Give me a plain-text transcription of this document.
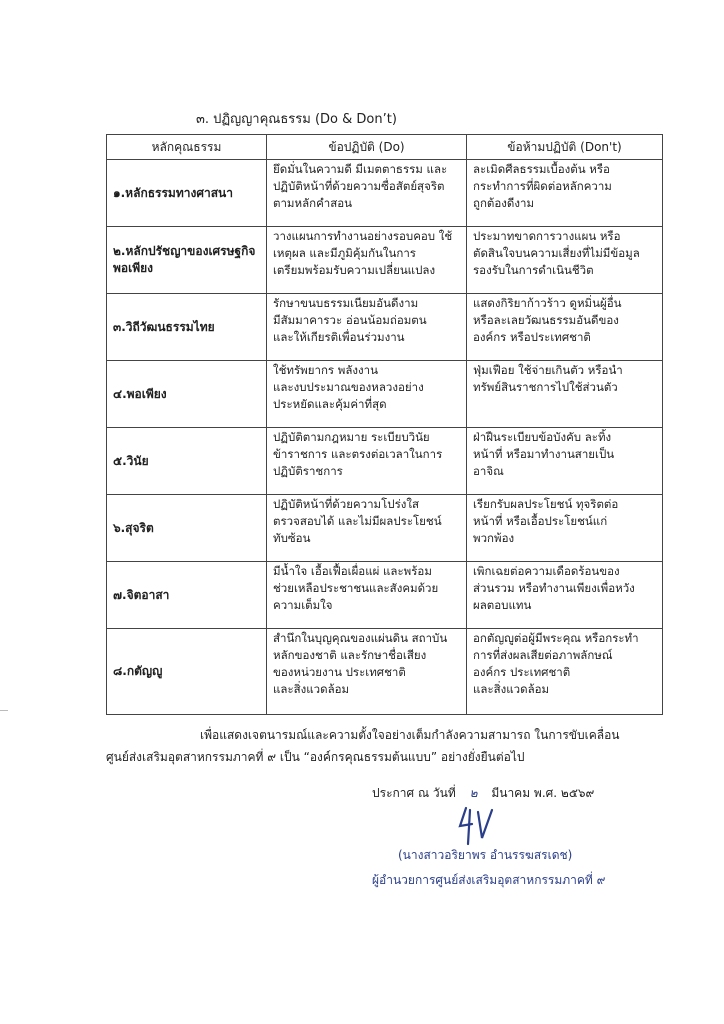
๓. ปฏิญญาคุณธรรม (Do & Don’t)
หลักคุณธรรม	ข้อปฏิบัติ (Do)	ข้อห้ามปฏิบัติ (Don't)

๑.หลักธรรมทางศาสนา	ยึดมั่นในความดี มีเมตตาธรรม และ
ปฏิบัติหน้าที่ด้วยความซื่อสัตย์สุจริต
ตามหลักคำสอน	ละเมิดศีลธรรมเบื้องต้น หรือ
กระทำการที่ผิดต่อหลักความ
ถูกต้องดีงาม

๒.หลักปรัชญาของเศรษฐกิจ
พอเพียง	วางแผนการทำงานอย่างรอบคอบ ใช้
เหตุผล และมีภูมิคุ้มกันในการ
เตรียมพร้อมรับความเปลี่ยนแปลง	ประมาทขาดการวางแผน หรือ
ตัดสินใจบนความเสี่ยงที่ไม่มีข้อมูล
รองรับในการดำเนินชีวิต

๓.วิถีวัฒนธรรมไทย	รักษาขนบธรรมเนียมอันดีงาม
มีสัมมาคารวะ อ่อนน้อมถ่อมตน
และให้เกียรติเพื่อนร่วมงาน	แสดงกิริยาก้าวร้าว ดูหมิ่นผู้อื่น
หรือละเลยวัฒนธรรมอันดีของ
องค์กร หรือประเทศชาติ

๔.พอเพียง	ใช้ทรัพยากร พลังงาน
และงบประมาณของหลวงอย่าง
ประหยัดและคุ้มค่าที่สุด	ฟุ่มเฟือย ใช้จ่ายเกินตัว หรือนำ
ทรัพย์สินราชการไปใช้ส่วนตัว

๕.วินัย	ปฏิบัติตามกฎหมาย ระเบียบวินัย
ข้าราชการ และตรงต่อเวลาในการ
ปฏิบัติราชการ	ฝ่าฝืนระเบียบข้อบังคับ ละทิ้ง
หน้าที่ หรือมาทำงานสายเป็น
อาจิณ

๖.สุจริต	ปฏิบัติหน้าที่ด้วยความโปร่งใส
ตรวจสอบได้ และไม่มีผลประโยชน์
ทับซ้อน	เรียกรับผลประโยชน์ ทุจริตต่อ
หน้าที่ หรือเอื้อประโยชน์แก่
พวกพ้อง

๗.จิตอาสา	มีน้ำใจ เอื้อเฟื้อเผื่อแผ่ และพร้อม
ช่วยเหลือประชาชนและสังคมด้วย
ความเต็มใจ	เพิกเฉยต่อความเดือดร้อนของ
ส่วนรวม หรือทำงานเพียงเพื่อหวัง
ผลตอบแทน

๘.กตัญญู	สำนึกในบุญคุณของแผ่นดิน สถาบัน
หลักของชาติ และรักษาชื่อเสียง
ของหน่วยงาน ประเทศชาติ
และสิ่งแวดล้อม	อกตัญญูต่อผู้มีพระคุณ หรือกระทำ
การที่ส่งผลเสียต่อภาพลักษณ์
องค์กร ประเทศชาติ
และสิ่งแวดล้อม
เพื่อแสดงเจตนารมณ์และความตั้งใจอย่างเต็มกำลังความสามารถ ในการขับเคลื่อน
ศูนย์ส่งเสริมอุตสาหกรรมภาคที่ ๙ เป็น “องค์กรคุณธรรมต้นแบบ” อย่างยั่งยืนต่อไป
ประกาศ ณ วันที่ ๒ มีนาคม พ.ศ. ๒๕๖๙
(นางสาวอริยาพร อำนรรฆสรเดช)
ผู้อำนวยการศูนย์ส่งเสริมอุตสาหกรรมภาคที่ ๙
